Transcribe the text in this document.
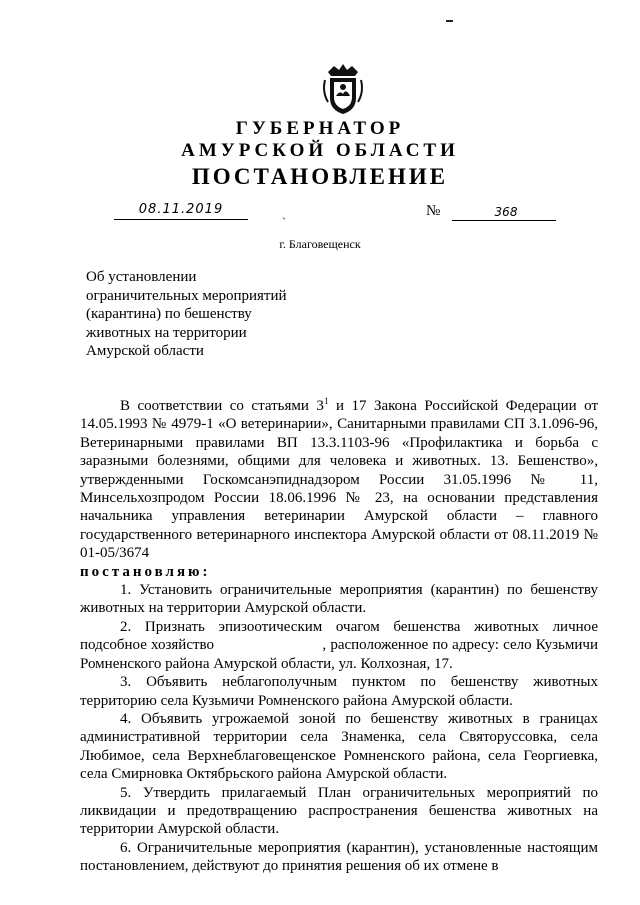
ГУБЕРНАТОР
АМУРСКОЙ ОБЛАСТИ
ПОСТАНОВЛЕНИЕ
08.11.2019	ˎ	№	368
г. Благовещенск
Об установлении
ограничительных мероприятий
(карантина) по бешенству
животных на территории
Амурской области

В соответствии со статьями $3^1$ и 17 Закона Российской Федерации от 14.05.1993 № 4979-1 «О ветеринарии», Санитарными правилами СП 3.1.096-96, Ветеринарными правилами ВП 13.3.1103-96 «Профилактика и борьба с заразными болезнями, общими для человека и животных. 13. Бешенство», утвержденными Госкомсанэпиднадзором России 31.05.1996 № 11, Минсельхозпродом России 18.06.1996 № 23, на основании представления начальника управления ветеринарии Амурской области – главного государственного ветеринарного инспектора Амурской области от 08.11.2019 № 01-05/3674

постановляю:

1. Установить ограничительные мероприятия (карантин) по бешенству животных на территории Амурской области.

2. Признать эпизоотическим очагом бешенства животных личное подсобное хозяйство                          , расположенное по адресу: село Кузьмичи Ромненского района Амурской области, ул. Колхозная, 17.

3. Объявить неблагополучным пунктом по бешенству животных территорию села Кузьмичи Ромненского района Амурской области.

4. Объявить угрожаемой зоной по бешенству животных в границах административной территории села Знаменка, села Святоруссовка, села Любимое, села Верхнеблаговещенское Ромненского района, села Георгиевка, села Смирновка Октябрьского района Амурской области.

5. Утвердить прилагаемый План ограничительных мероприятий по ликвидации и предотвращению распространения бешенства животных на территории Амурской области.

6. Ограничительные мероприятия (карантин), установленные настоящим постановлением, действуют до принятия решения об их отмене в
